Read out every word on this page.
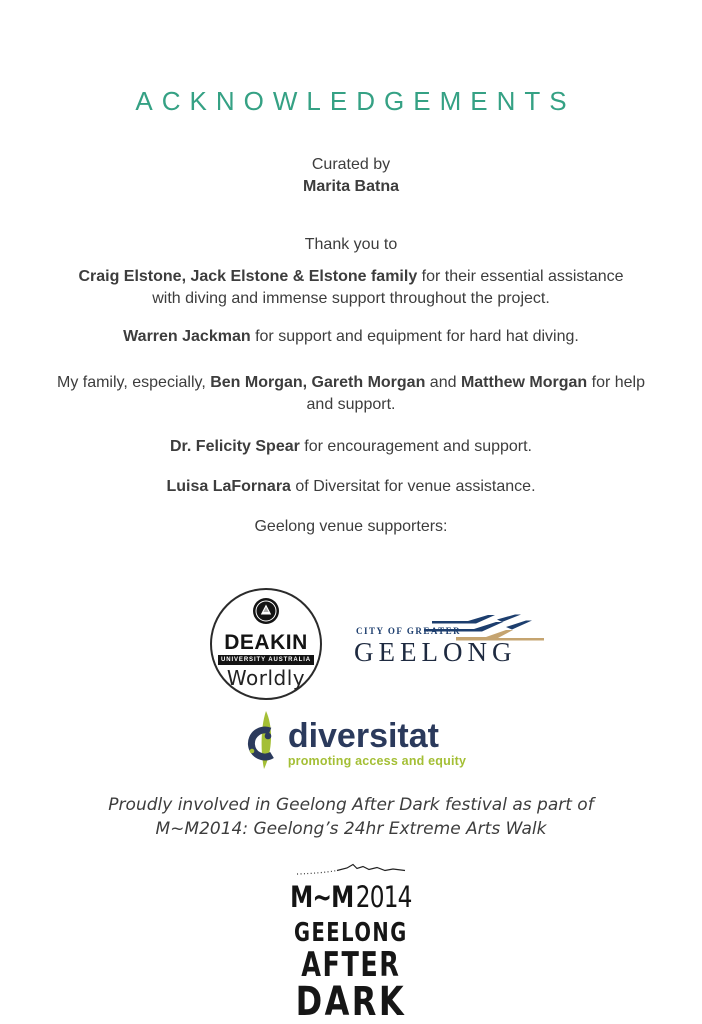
ACKNOWLEDGEMENTS

Curated by
Marita Batna

Thank you to

Craig Elstone, Jack Elstone & Elstone family for their essential assistance with diving and immense support throughout the project.

Warren Jackman for support and equipment for hard hat diving.

My family, especially, Ben Morgan, Gareth Morgan and Matthew Morgan for help and support.

Dr. Felicity Spear for encouragement and support.

Luisa LaFornara of Diversitat for venue assistance.

Geelong venue supporters:

DEAKIN
UNIVERSITY AUSTRALIA
Worldly
CITY OF GREATER
GEELONG
diversitat
promoting access and equity
Proudly involved in Geelong After Dark festival as part of
M~M2014: Geelong’s 24hr Extreme Arts Walk
M~M2014
GEELONG
AFTER
DARK
